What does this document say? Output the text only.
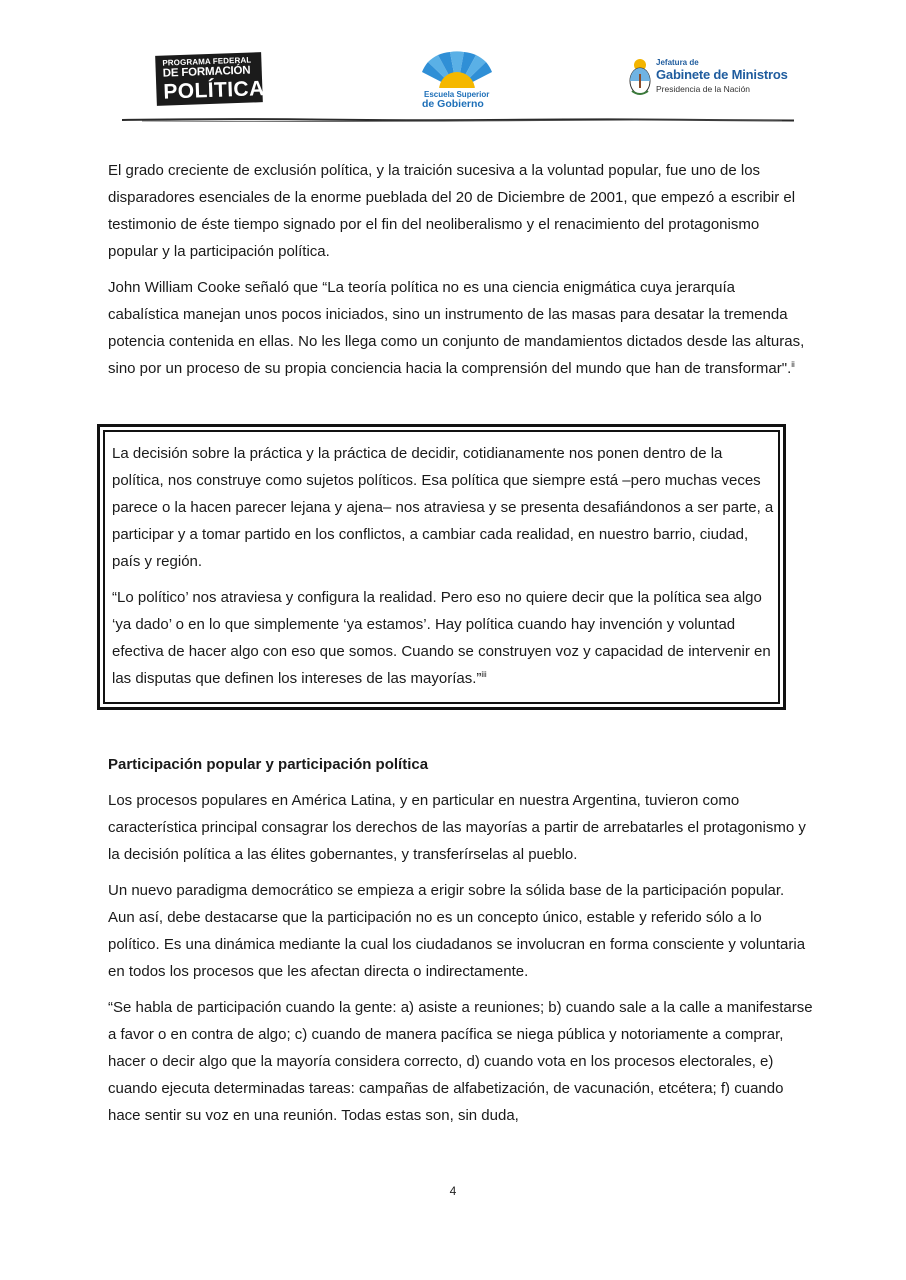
PROGRAMA FEDERAL
DE FORMACIÓN
POLÍTICA	Escuela Superior
de Gobierno
Jefatura de
Gabinete de Ministros
Presidencia de la Nación

El grado creciente de exclusión política, y la traición sucesiva a la voluntad popular, fue uno de los disparadores esenciales de la enorme pueblada del 20 de Diciembre de 2001, que empezó a escribir el testimonio de éste tiempo signado por el fin del neoliberalismo y el renacimiento del protagonismo popular y la participación política.

John William Cooke señaló que “La teoría política no es una ciencia enigmática cuya jerarquía cabalística manejan unos pocos iniciados, sino un instrumento de las masas para desatar la tremenda potencia contenida en ellas. No les llega como un conjunto de mandamientos dictados desde las alturas, sino por un proceso de su propia conciencia hacia la comprensión del mundo que han de transformar".$^{ii}$

La decisión sobre la práctica y la práctica de decidir, cotidianamente nos ponen dentro de la política, nos construye como sujetos políticos. Esa política que siempre está –pero muchas veces parece o la hacen parecer lejana y ajena– nos atraviesa y se presenta desafiándonos a ser parte, a participar y a tomar partido en los conflictos, a cambiar cada realidad, en nuestro barrio, ciudad, país y región.

“Lo político’ nos atraviesa y configura la realidad. Pero eso no quiere decir que la política sea algo ‘ya dado’ o en lo que simplemente ‘ya estamos’. Hay política cuando hay invención y voluntad efectiva de hacer algo con eso que somos. Cuando se construyen voz y capacidad de intervenir en las disputas que definen los intereses de las mayorías.”$^{iii}$

Participación popular y participación política

Los procesos populares en América Latina, y en particular en nuestra Argentina, tuvieron como característica principal consagrar los derechos de las mayorías a partir de arrebatarles el protagonismo y la decisión política a las élites gobernantes, y transferírselas al pueblo.

Un nuevo paradigma democrático se empieza a erigir sobre la sólida base de la participación popular. Aun así, debe destacarse que la participación no es un concepto único, estable y referido sólo a lo político. Es una dinámica mediante la cual los ciudadanos se involucran en forma consciente y voluntaria en todos los procesos que les afectan directa o indirectamente.

“Se habla de participación cuando la gente: a) asiste a reuniones; b) cuando sale a la calle a manifestarse a favor o en contra de algo; c) cuando de manera pacífica se niega pública y notoriamente a comprar, hacer o decir algo que la mayoría considera correcto, d) cuando vota en los procesos electorales, e) cuando ejecuta determinadas tareas: campañas de alfabetización, de vacunación, etcétera; f) cuando hace sentir su voz en una reunión. Todas estas son, sin duda,

4
